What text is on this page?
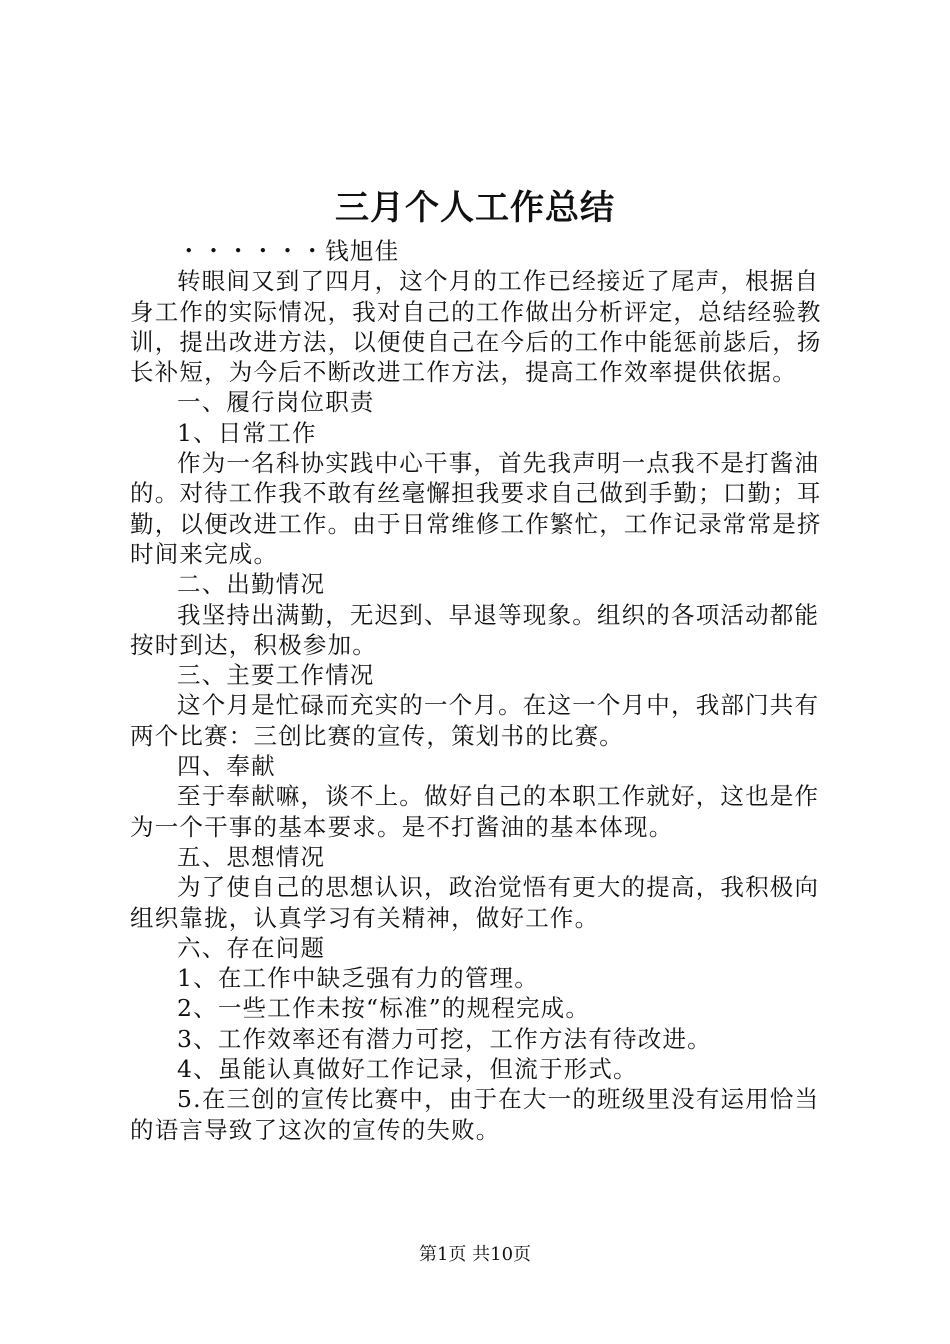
三月个人工作总结

・・・・・・钱旭佳

转眼间又到了四月，这个月的工作已经接近了尾声，根据自身工作的实际情况，我对自己的工作做出分析评定，总结经验教训，提出改进方法，以便使自己在今后的工作中能惩前毖后，扬长补短，为今后不断改进工作方法，提高工作效率提供依据。

一、履行岗位职责

1、日常工作

作为一名科协实践中心干事，首先我声明一点我不是打酱油的。对待工作我不敢有丝毫懈担我要求自己做到手勤；口勤；耳勤，以便改进工作。由于日常维修工作繁忙，工作记录常常是挤时间来完成。

二、出勤情况

我坚持出满勤，无迟到、早退等现象。组织的各项活动都能按时到达，积极参加。

三、主要工作情况

这个月是忙碌而充实的一个月。在这一个月中，我部门共有两个比赛：三创比赛的宣传，策划书的比赛。

四、奉献

至于奉献嘛，谈不上。做好自己的本职工作就好，这也是作为一个干事的基本要求。是不打酱油的基本体现。

五、思想情况

为了使自己的思想认识，政治觉悟有更大的提高，我积极向组织靠拢，认真学习有关精神，做好工作。

六、存在问题

1、在工作中缺乏强有力的管理。

2、一些工作未按“标准”的规程完成。

3、工作效率还有潜力可挖，工作方法有待改进。

4、虽能认真做好工作记录，但流于形式。

5.在三创的宣传比赛中，由于在大一的班级里没有运用恰当的语言导致了这次的宣传的失败。

第1页 共10页
